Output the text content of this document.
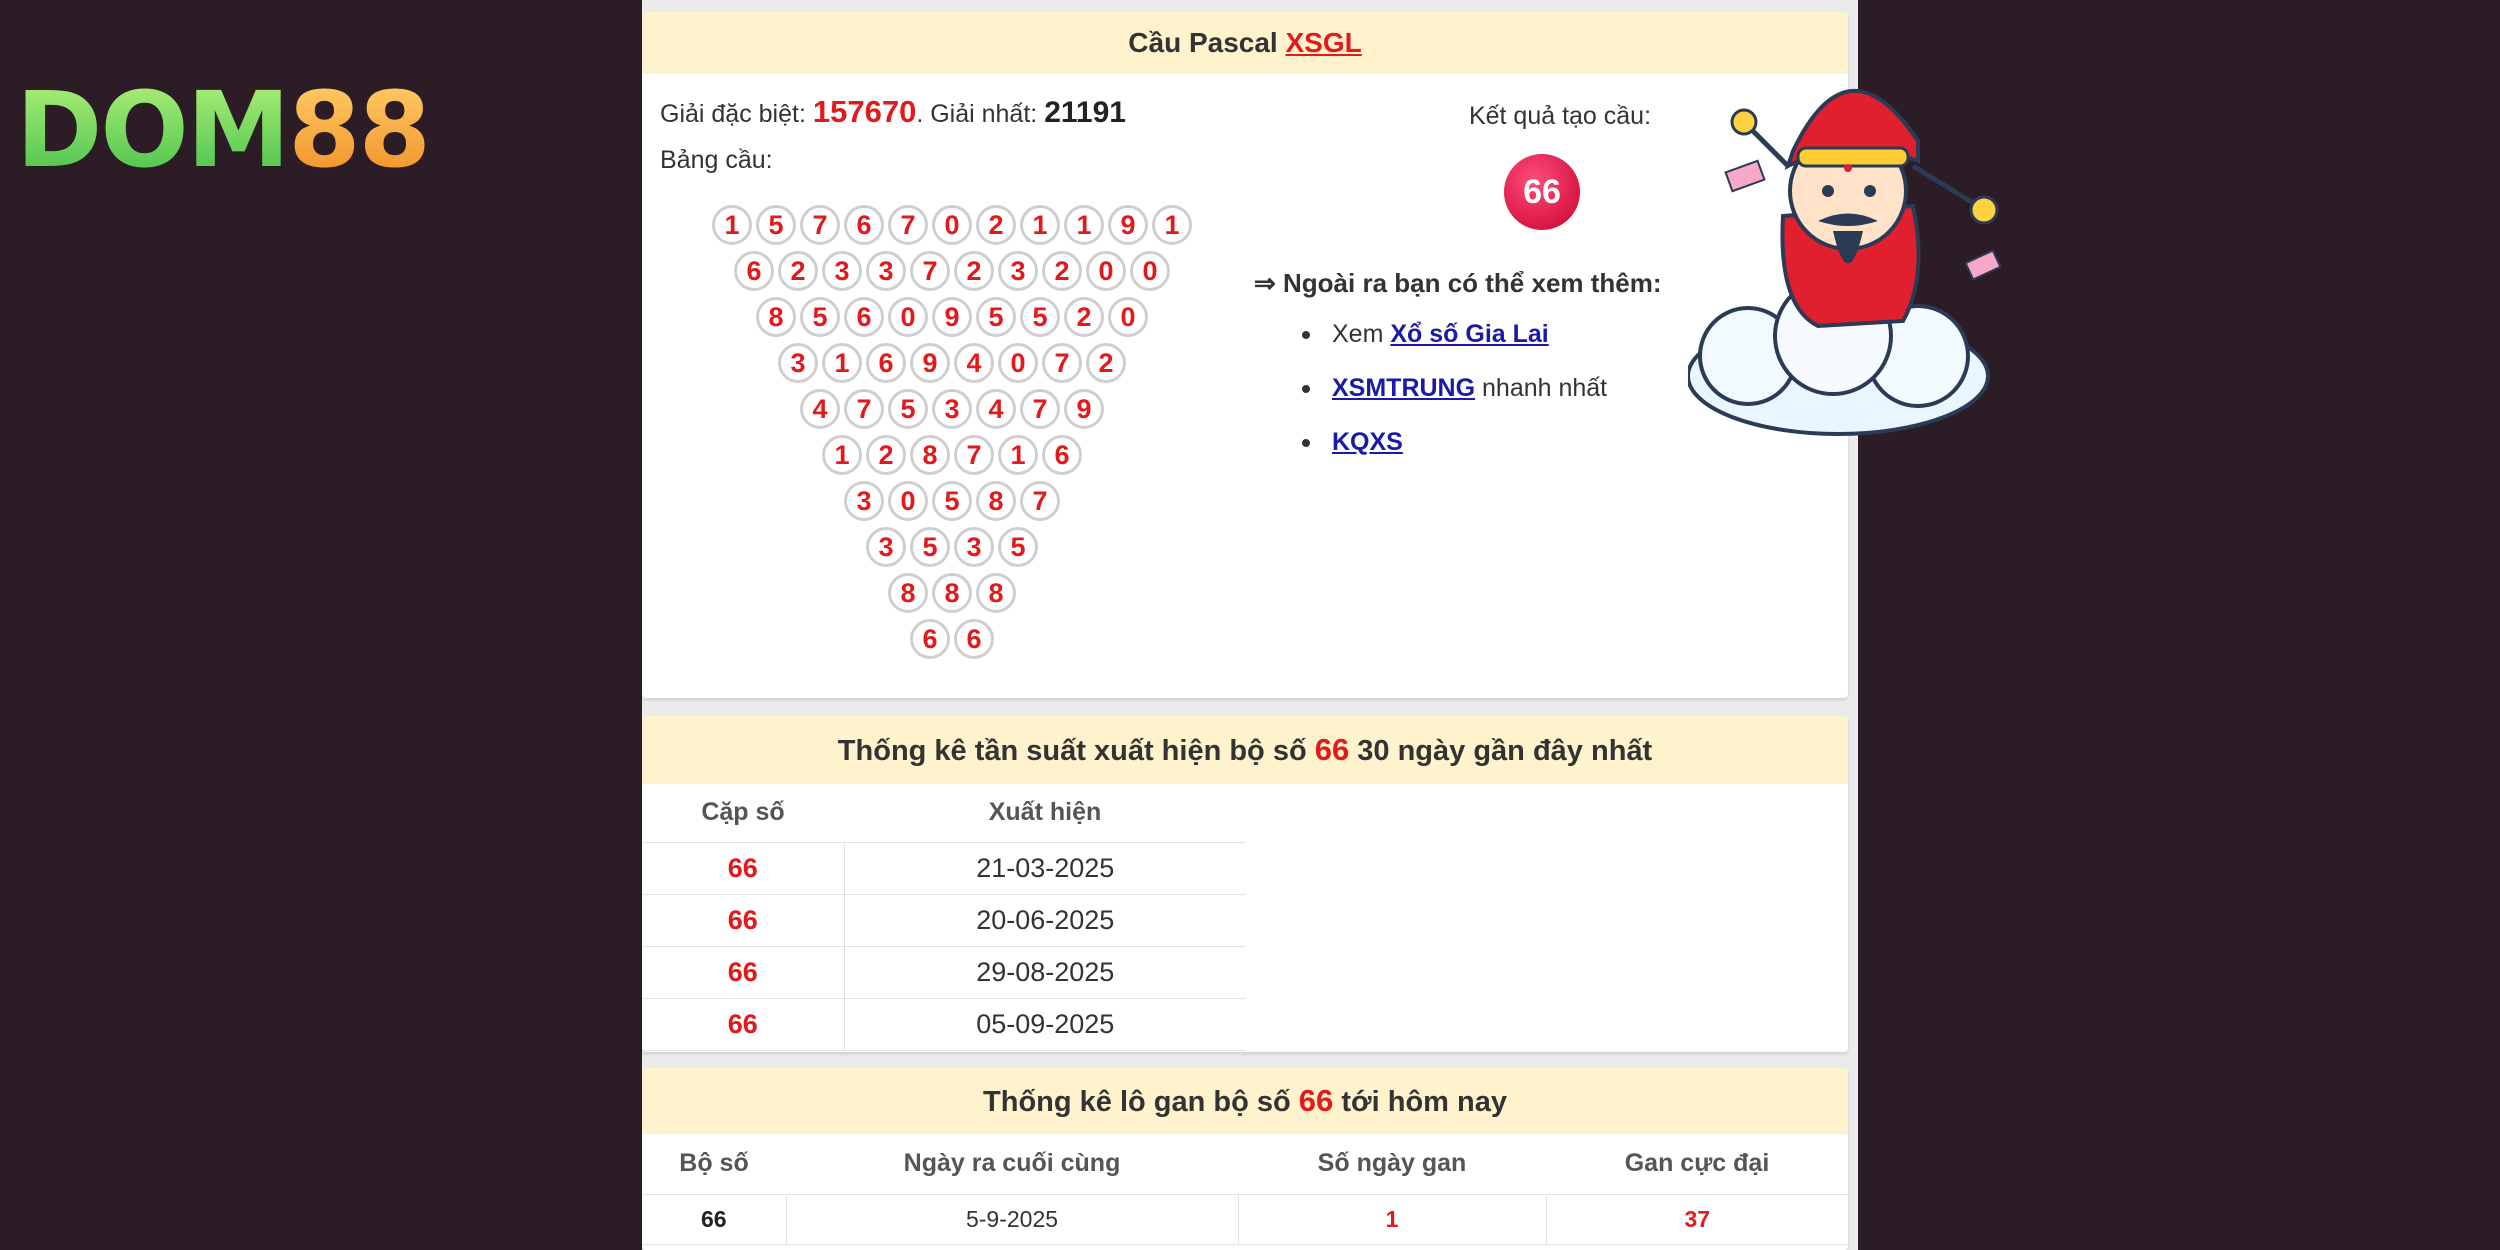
DOM88
Cầu Pascal XSGL
Giải đặc biệt: 157670. Giải nhất: 21191
Bảng cầu:
1	5	7	6	7	0	2	1	1	9	1
6	2	3	3	7	2	3	2	0	0
8	5	6	0	9	5	5	2	0
3	1	6	9	4	0	7	2
4	7	5	3	4	7	9
1	2	8	7	1	6
3	0	5	8	7
3	5	3	5
8	8	8
6	6
Kết quả tạo cầu:
66
⇒ Ngoài ra bạn có thể xem thêm:
Xem Xổ số Gia Lai
XSMTRUNG nhanh nhất
KQXS
Thống kê tần suất xuất hiện bộ số 66 30 ngày gần đây nhất
Cặp số	Xuất hiện
66	21-03-2025
66	20-06-2025
66	29-08-2025
66	05-09-2025
Thống kê lô gan bộ số 66 tới hôm nay
Bộ số	Ngày ra cuối cùng	Số ngày gan	Gan cực đại
66	5-9-2025	1	37
